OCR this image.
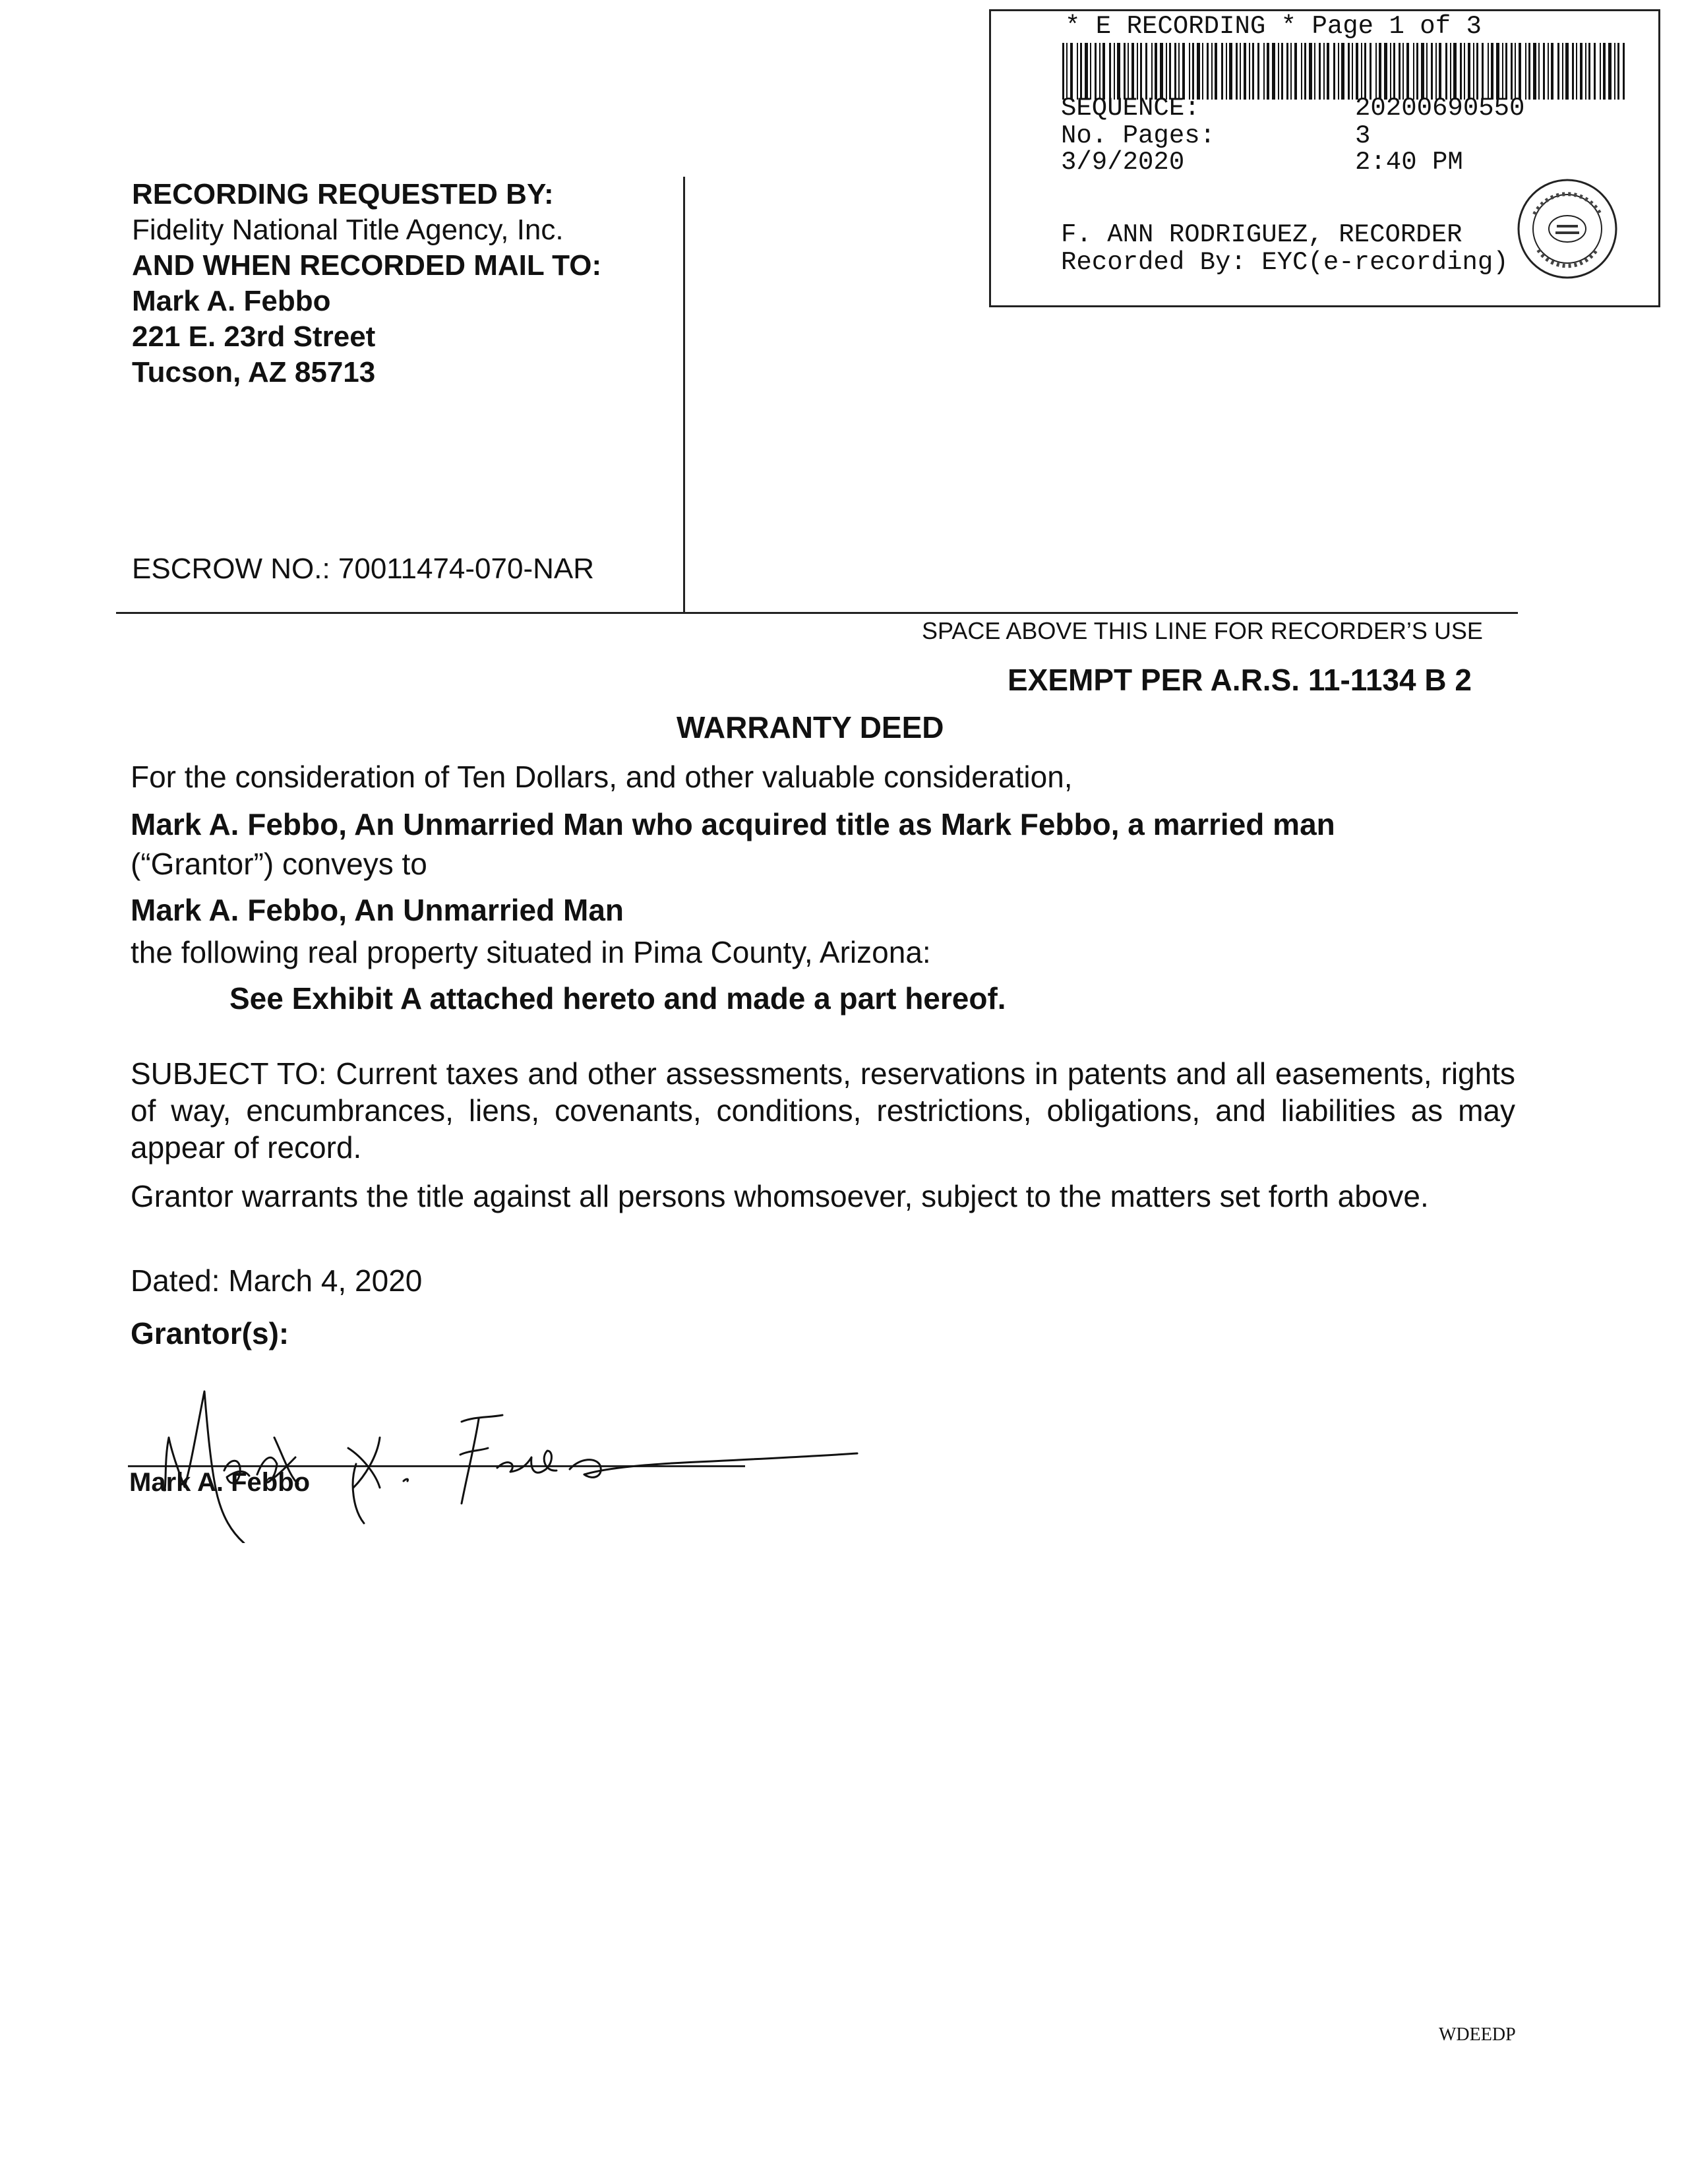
RECORDING REQUESTED BY:
Fidelity National Title Agency, Inc.
AND WHEN RECORDED MAIL TO:
Mark A. Febbo
221 E. 23rd Street
Tucson, AZ 85713
ESCROW NO.: 70011474-070-NAR
SPACE ABOVE THIS LINE FOR RECORDER’S USE
* E RECORDING * Page 1 of 3
SEQUENCE:	20200690550
No. Pages:	3
3/9/2020	2:40 PM
F. ANN RODRIGUEZ, RECORDER
Recorded By: EYC(e-recording)
EXEMPT PER A.R.S. 11-1134 B 2
WARRANTY DEED
For the consideration of Ten Dollars, and other valuable consideration,
Mark A. Febbo, An Unmarried Man who acquired title as Mark Febbo, a married man
(“Grantor”) conveys to
Mark A. Febbo, An Unmarried Man
the following real property situated in Pima County, Arizona:
See Exhibit A attached hereto and made a part hereof.
SUBJECT TO: Current taxes and other assessments, reservations in patents and all easements, rights of way, encumbrances, liens, covenants, conditions, restrictions, obligations, and liabilities as may appear of record.
Grantor warrants the title against all persons whomsoever, subject to the matters set forth above.
Dated: March 4, 2020
Grantor(s):
Mark A. Febbo
WDEEDP
